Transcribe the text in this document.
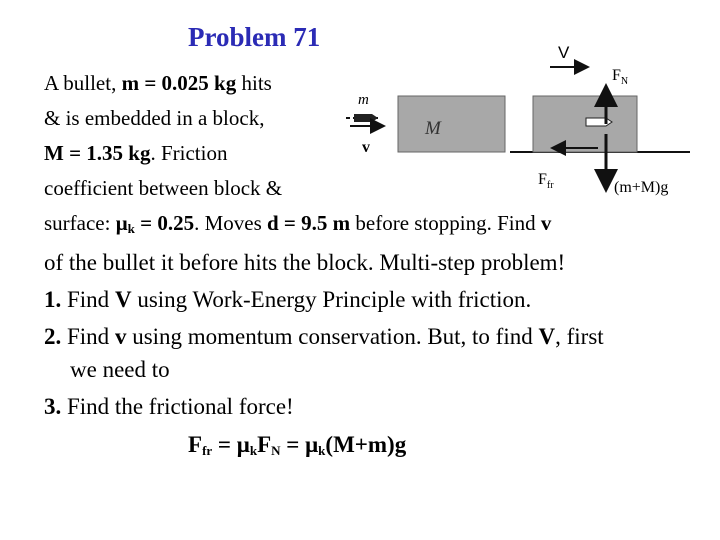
Problem 71
A bullet, m = 0.025 kg hits
& is embedded in a block,
M = 1.35 kg. Friction
coefficient between block &
surface: $\mu_k = 0.25$. Moves d = 9.5 m before stopping. Find v
of the bullet it before hits the block. Multi-step problem!
1. Find V using Work-Energy Principle with friction.
2. Find v using momentum conservation. But, to find V, first
we need to
3. Find the frictional force!
$F_{fr} = \mu_kF_N = \mu_k(M+m)g$
m
v
M
V
$F_N$
$F_{fr}$	(m+M)g
